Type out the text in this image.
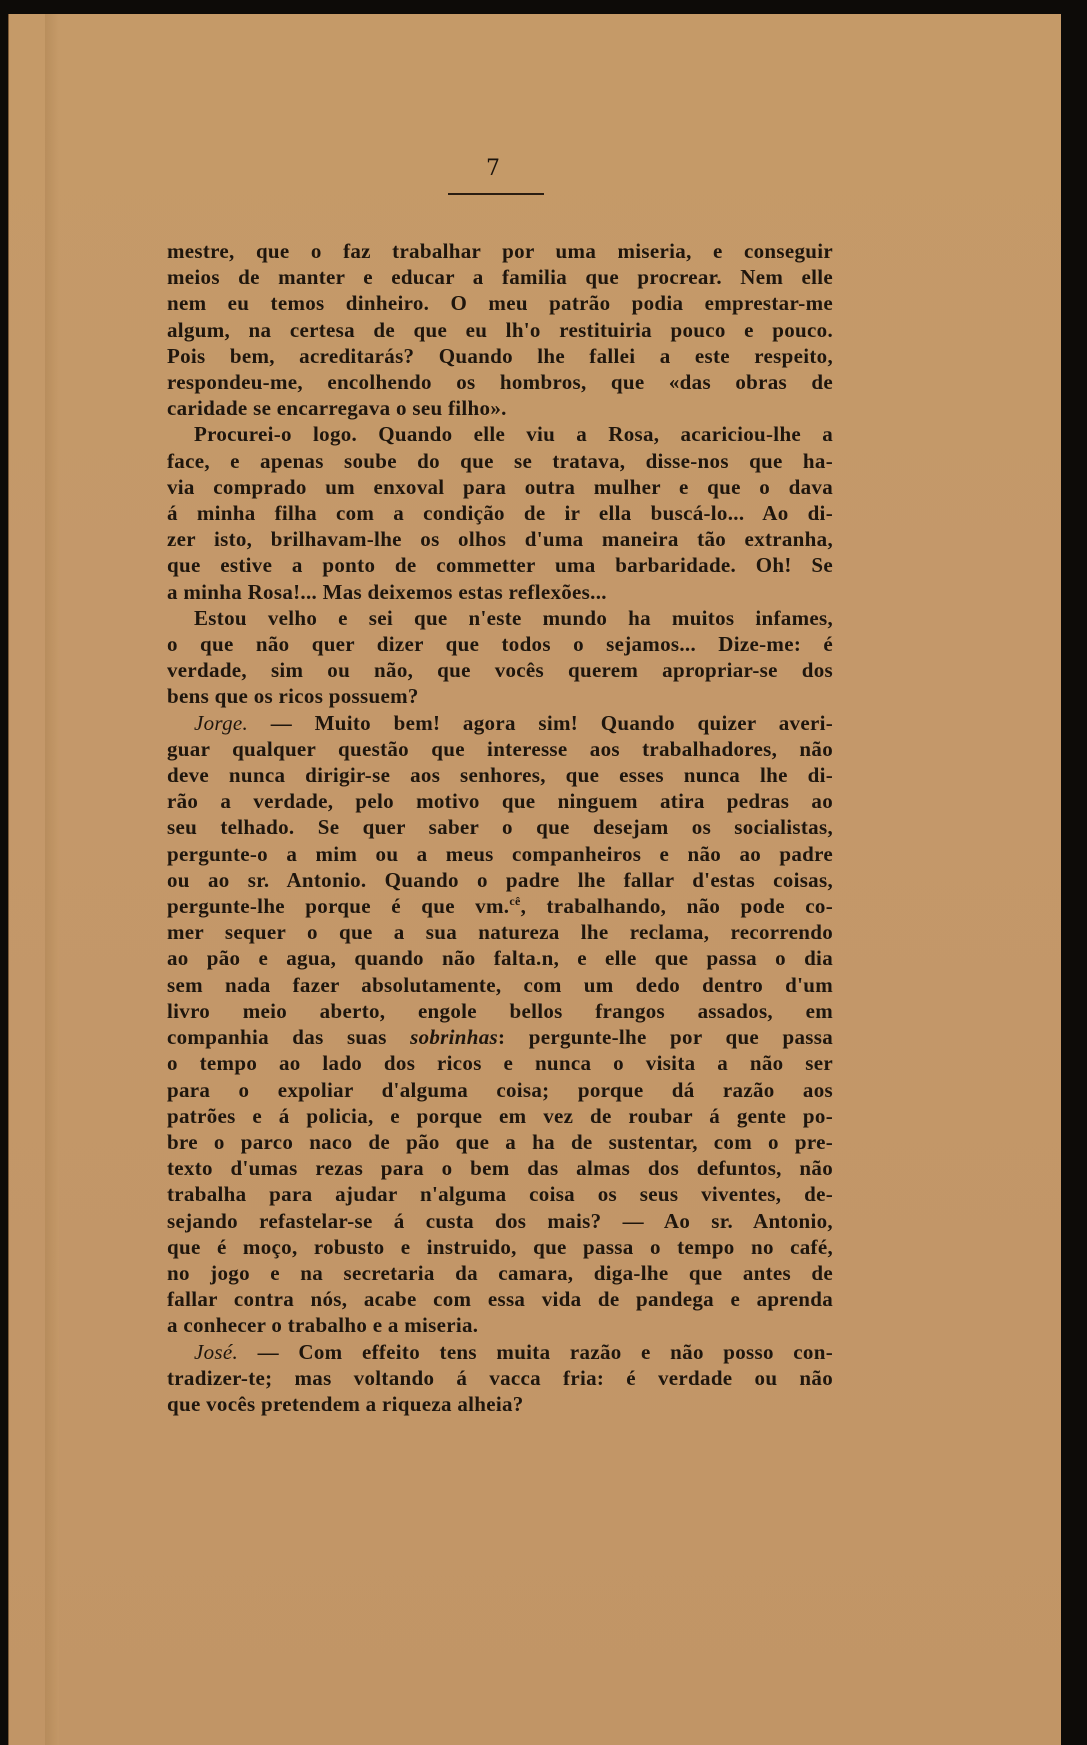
7

mestre, que o faz trabalhar por uma miseria, e conseguir

meios de manter e educar a familia que procrear. Nem elle

nem eu temos dinheiro. O meu patrão podia emprestar-me

algum, na certesa de que eu lh'o restituiria pouco e pouco.

Pois bem, acreditarás? Quando lhe fallei a este respeito,

respondeu-me, encolhendo os hombros, que «das obras de

caridade se encarregava o seu filho».

Procurei-o logo. Quando elle viu a Rosa, acariciou-lhe a

face, e apenas soube do que se tratava, disse-nos que ha-

via comprado um enxoval para outra mulher e que o dava

á minha filha com a condição de ir ella buscá-lo... Ao di-

zer isto, brilhavam-lhe os olhos d'uma maneira tão extranha,

que estive a ponto de commetter uma barbaridade. Oh! Se

a minha Rosa!... Mas deixemos estas reflexões...

Estou velho e sei que n'este mundo ha muitos infames,

o que não quer dizer que todos o sejamos... Dize-me: é

verdade, sim ou não, que vocês querem apropriar-se dos

bens que os ricos possuem?

Jorge. — Muito bem! agora sim! Quando quizer averi-

guar qualquer questão que interesse aos trabalhadores, não

deve nunca dirigir-se aos senhores, que esses nunca lhe di-

rão a verdade, pelo motivo que ninguem atira pedras ao

seu telhado. Se quer saber o que desejam os socialistas,

pergunte-o a mim ou a meus companheiros e não ao padre

ou ao sr. Antonio. Quando o padre lhe fallar d'estas coisas,

pergunte-lhe porque é que vm.$^{cê}$, trabalhando, não pode co-

mer sequer o que a sua natureza lhe reclama, recorrendo

ao pão e agua, quando não falta.n, e elle que passa o dia

sem nada fazer absolutamente, com um dedo dentro d'um

livro meio aberto, engole bellos frangos assados, em

companhia das suas sobrinhas: pergunte-lhe por que passa

o tempo ao lado dos ricos e nunca o visita a não ser

para o expoliar d'alguma coisa; porque dá razão aos

patrões e á policia, e porque em vez de roubar á gente po-

bre o parco naco de pão que a ha de sustentar, com o pre-

texto d'umas rezas para o bem das almas dos defuntos, não

trabalha para ajudar n'alguma coisa os seus viventes, de-

sejando refastelar-se á custa dos mais? — Ao sr. Antonio,

que é moço, robusto e instruido, que passa o tempo no café,

no jogo e na secretaria da camara, diga-lhe que antes de

fallar contra nós, acabe com essa vida de pandega e aprenda

a conhecer o trabalho e a miseria.

José. — Com effeito tens muita razão e não posso con-

tradizer-te; mas voltando á vacca fria: é verdade ou não

que vocês pretendem a riqueza alheia?
